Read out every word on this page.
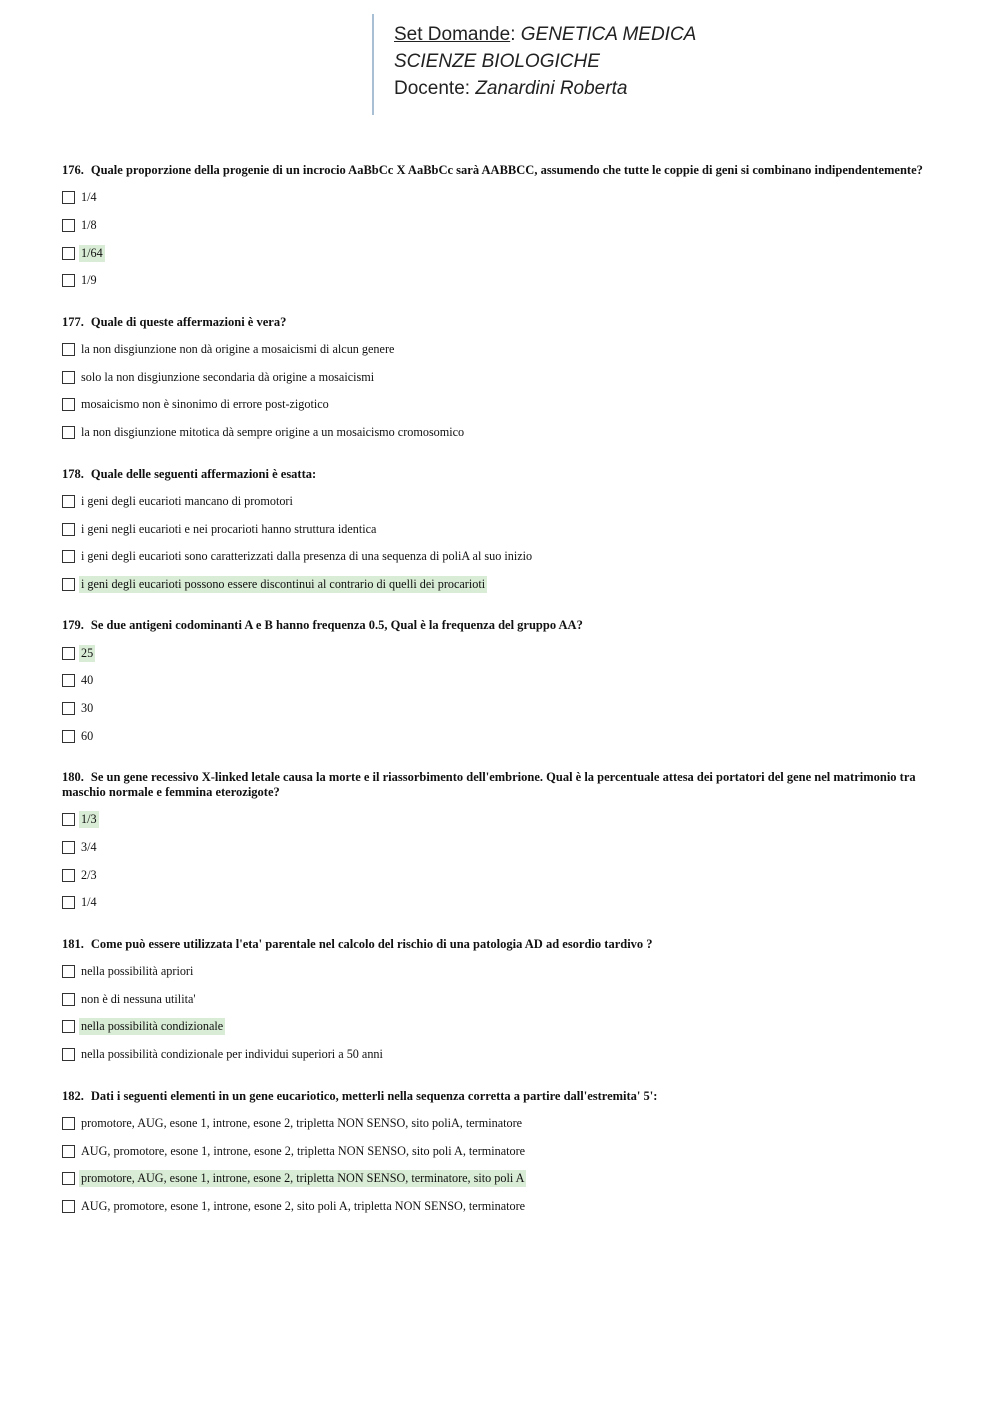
Set Domande: GENETICA MEDICA
SCIENZE BIOLOGICHE
Docente: Zanardini Roberta

176. Quale proporzione della progenie di un incrocio AaBbCc X AaBbCc sarà AABBCC, assumendo che tutte le coppie di geni si combinano indipendentemente?

1/4
1/8
1/64
1/9

177. Quale di queste affermazioni è vera?

la non disgiunzione non dà origine a mosaicismi di alcun genere
solo la non disgiunzione secondaria dà origine a mosaicismi
mosaicismo non è sinonimo di errore post-zigotico
la non disgiunzione mitotica dà sempre origine a un mosaicismo cromosomico

178. Quale delle seguenti affermazioni è esatta:

i geni degli eucarioti mancano di promotori
i geni negli eucarioti e nei procarioti hanno struttura identica
i geni degli eucarioti sono caratterizzati dalla presenza di una sequenza di poliA al suo inizio
i geni degli eucarioti possono essere discontinui al contrario di quelli dei procarioti

179. Se due antigeni codominanti A e B hanno frequenza 0.5, Qual è la frequenza del gruppo AA?

25
40
30
60

180. Se un gene recessivo X-linked letale causa la morte e il riassorbimento dell'embrione. Qual è la percentuale attesa dei portatori del gene nel matrimonio tra maschio normale e femmina eterozigote?

1/3
3/4
2/3
1/4

181. Come può essere utilizzata l'eta' parentale nel calcolo del rischio di una patologia AD ad esordio tardivo ?

nella possibilità apriori
non è di nessuna utilita'
nella possibilità condizionale
nella possibilità condizionale per individui superiori a 50 anni

182. Dati i seguenti elementi in un gene eucariotico, metterli nella sequenza corretta a partire dall'estremita' 5':

promotore, AUG, esone 1, introne, esone 2, tripletta NON SENSO, sito poliA, terminatore
AUG, promotore, esone 1, introne, esone 2, tripletta NON SENSO, sito poli A, terminatore
promotore, AUG, esone 1, introne, esone 2, tripletta NON SENSO, terminatore, sito poli A
AUG, promotore, esone 1, introne, esone 2, sito poli A, tripletta NON SENSO, terminatore
